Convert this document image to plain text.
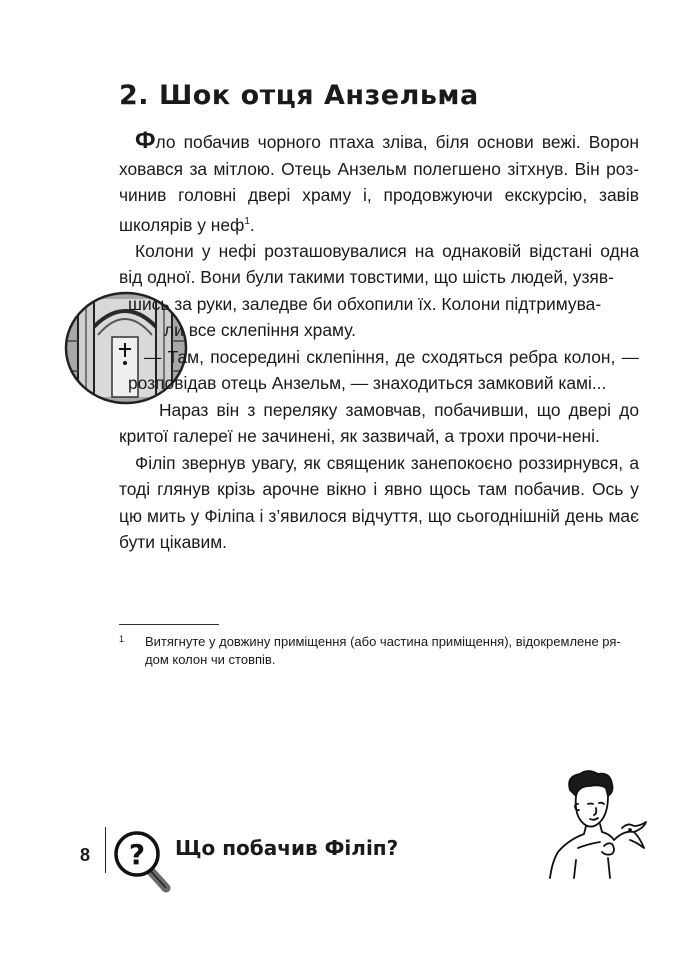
2. Шок отця Анзельма

Фло побачив чорного птаха зліва, біля основи вежі. Ворон ховався за мітлою. Отець Анзельм полегшено зітхнув. Він роз-чинив головні двері храму і, продовжуючи екскурсію, завів школярів у неф$^1$.

Колони у нефі розташовувалися на однаковій відстані одна від одної. Вони були такими товстими, що шість людей, узяв-

шись за руки, заледве би обхопили їх. Колони підтримува-
ли все склепіння храму.

— Там, посередині склепіння, де сходяться ребра колон, — розповідав отець Анзельм, — знаходиться замковий камі...

Нараз він з переляку замовчав, побачивши, що двері до критої галереї не зачинені, як зазвичай, а трохи прочи-нені.

Філіп звернув увагу, як священик занепокоєно роззирнувся, а тоді глянув крізь арочне вікно і явно щось там побачив. Ось у цю мить у Філіпа і з’явилося відчуття, що сьогоднішній день має бути цікавим.

1	Витягнуте у довжину приміщення (або частина приміщення), відокремлене ря-дом колон чи стовпів.
8 ? Що побачив Філіп?
